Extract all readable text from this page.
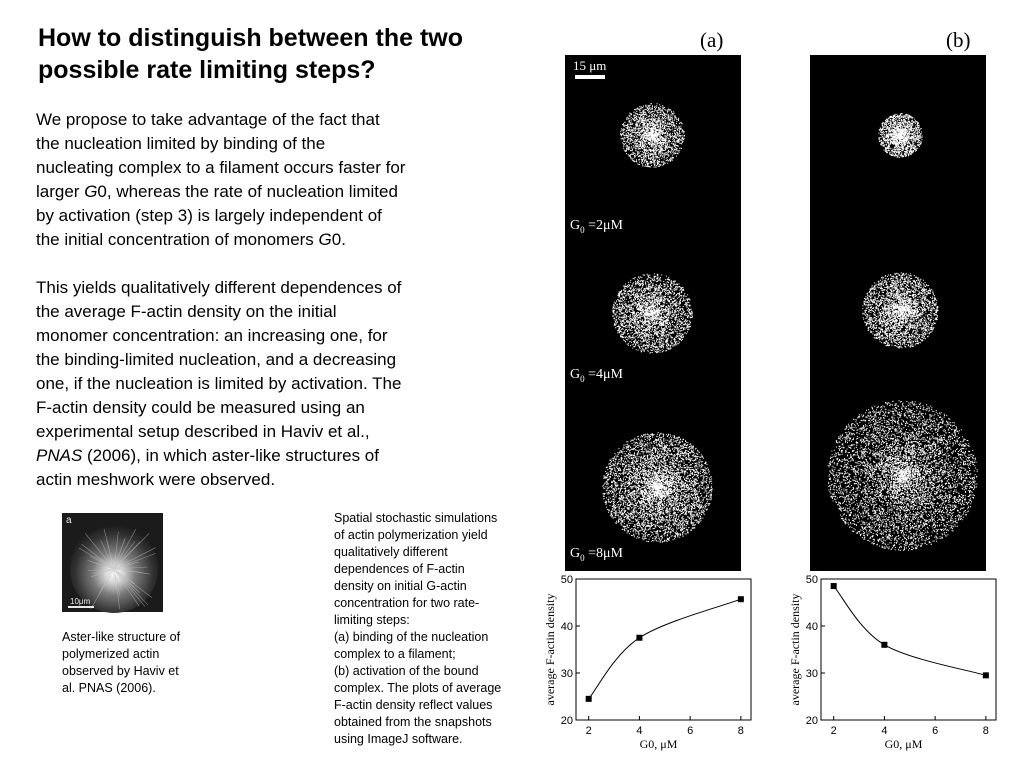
How to distinguish between the two
possible rate limiting steps?
We propose to take advantage of the fact that
the nucleation limited by binding of the
nucleating complex to a filament occurs faster for
larger G0, whereas the rate of nucleation limited
by activation (step 3) is largely independent of
the initial concentration of monomers G0.
This yields qualitatively different dependences of
the average F-actin density on the initial
monomer concentration: an increasing one, for
the binding-limited nucleation, and a decreasing
one, if the nucleation is limited by activation. The
F-actin density could be measured using an
experimental setup described in Haviv et al.,
PNAS (2006), in which aster-like structures of
actin meshwork were observed.
a
10μm
Aster-like structure of
polymerized actin
observed by Haviv et
al. PNAS (2006).
Spatial stochastic simulations
of actin polymerization yield
qualitatively different
dependences of F-actin
density on initial G-actin
concentration for two rate-
limiting steps:
(a) binding of the nucleation
complex to a filament;
(b) activation of the bound
complex. The plots of average
F-actin density reflect values
obtained from the snapshots
using ImageJ software.
(a)	(b)
15 μm
$G_0 =2\mu M$
$G_0 =4\mu M$
$G_0 =8\mu M$
2	4	6	8
20
30
40
50
G0, μM
average F-actin density
2	4	6	8
20
30
40
50
G0, μM
average F-actin density
